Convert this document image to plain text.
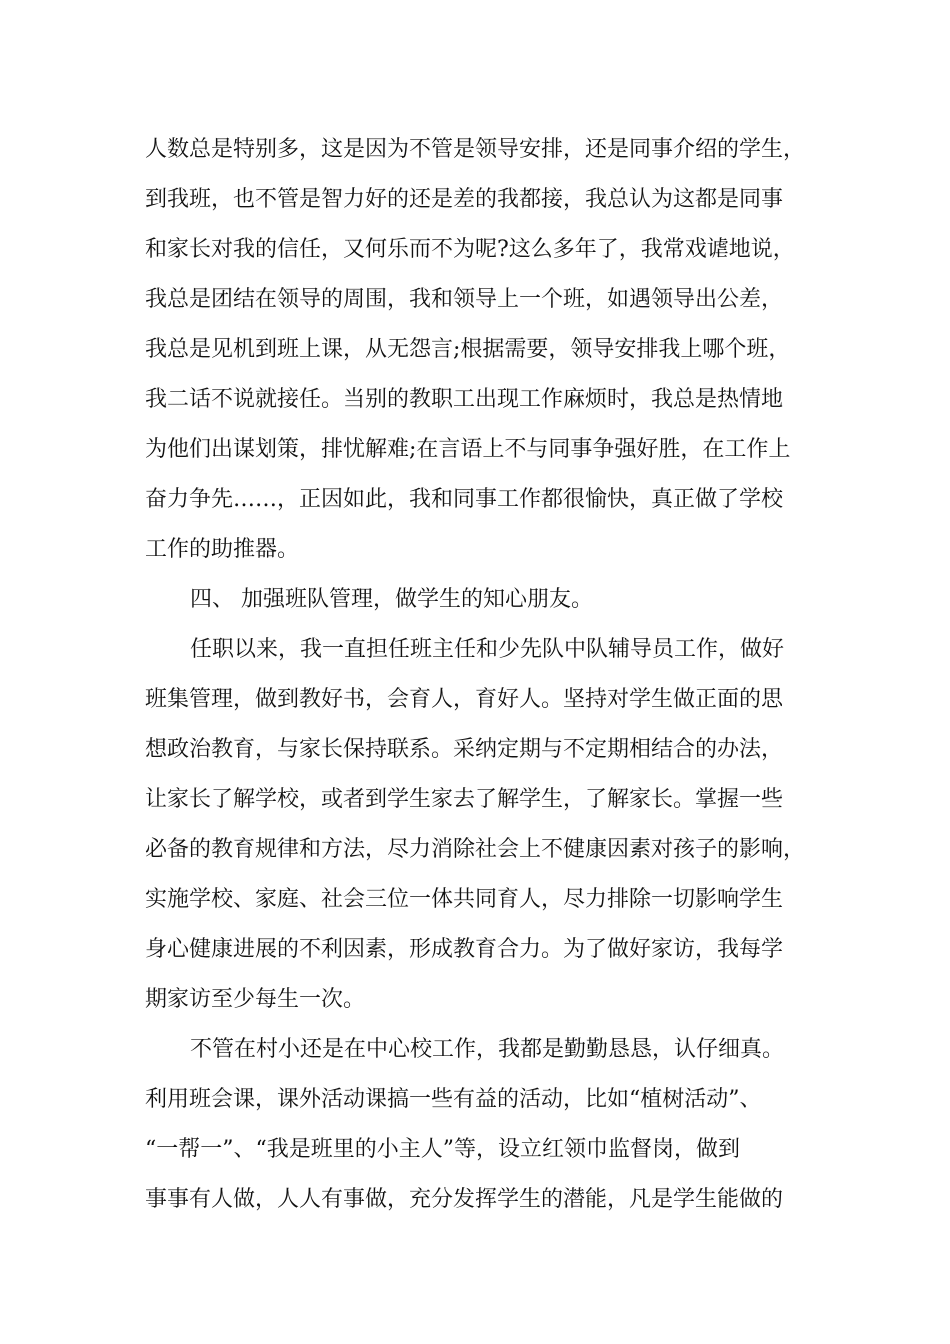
人数总是特别多，这是因为不管是领导安排，还是同事介绍的学生，
到我班，也不管是智力好的还是差的我都接，我总认为这都是同事
和家长对我的信任，又何乐而不为呢?这么多年了，我常戏谑地说，
我总是团结在领导的周围，我和领导上一个班，如遇领导出公差，
我总是见机到班上课，从无怨言;根据需要，领导安排我上哪个班，
我二话不说就接任。当别的教职工出现工作麻烦时，我总是热情地
为他们出谋划策，排忧解难;在言语上不与同事争强好胜，在工作上
奋力争先……，正因如此，我和同事工作都很愉快，真正做了学校
工作的助推器。
四、 加强班队管理，做学生的知心朋友。
任职以来，我一直担任班主任和少先队中队辅导员工作，做好
班集管理，做到教好书，会育人，育好人。坚持对学生做正面的思
想政治教育，与家长保持联系。采纳定期与不定期相结合的办法，
让家长了解学校，或者到学生家去了解学生，了解家长。掌握一些
必备的教育规律和方法，尽力消除社会上不健康因素对孩子的影响，
实施学校、家庭、社会三位一体共同育人，尽力排除一切影响学生
身心健康进展的不利因素，形成教育合力。为了做好家访，我每学
期家访至少每生一次。
不管在村小还是在中心校工作，我都是勤勤恳恳，认仔细真。
利用班会课，课外活动课搞一些有益的活动，比如“植树活动”、
“一帮一”、“我是班里的小主人”等，设立红领巾监督岗，做到
事事有人做，人人有事做，充分发挥学生的潜能，凡是学生能做的
